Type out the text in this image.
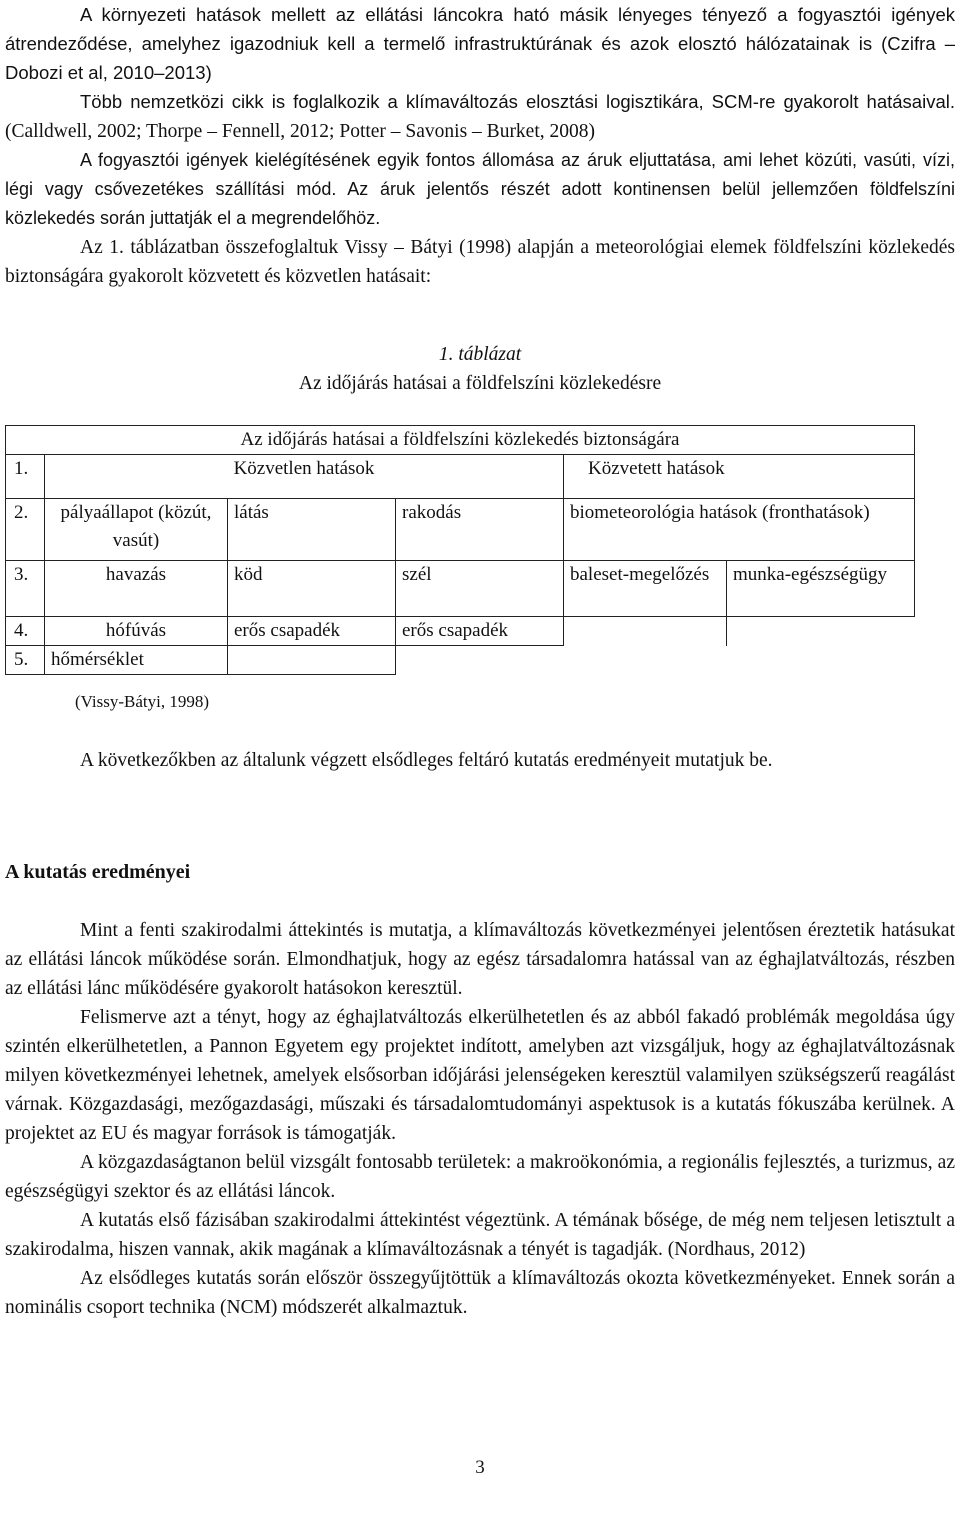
A környezeti hatások mellett az ellátási láncokra ható másik lényeges tényező a fogyasztói igények átrendeződése, amelyhez igazodniuk kell a termelő infrastruktúrának és azok elosztó hálózatainak is (Czifra – Dobozi et al, 2010–2013)

Több nemzetközi cikk is foglalkozik a klímaváltozás elosztási logisztikára, SCM-re gyakorolt hatásaival. (Calldwell, 2002; Thorpe – Fennell, 2012; Potter – Savonis – Burket, 2008)

A fogyasztói igények kielégítésének egyik fontos állomása az áruk eljuttatása, ami lehet közúti, vasúti, vízi, légi vagy csővezetékes szállítási mód. Az áruk jelentős részét adott kontinensen belül jellemzően földfelszíni közlekedés során juttatják el a megrendelőhöz.

Az 1. táblázatban összefoglaltuk Vissy – Bátyi (1998) alapján a meteorológiai elemek földfelszíni közlekedés biztonságára gyakorolt közvetett és közvetlen hatásait:

1. táblázat

Az időjárás hatásai a földfelszíni közlekedésre

Az időjárás hatásai a földfelszíni közlekedés biztonságára					
1.	Közvetlen hatások			Közvetett hatások	
2.	pályaállapot (közút, vasút)	látás	rakodás	biometeorológia hatások (fronthatások)	
3.	havazás	köd	szél	baleset-megelőzés	munka-egészségügy
4.	hófúvás	erős csapadék	erős csapadék		
5.	hőmérséklet				

(Vissy-Bátyi, 1998)

A következőkben az általunk végzett elsődleges feltáró kutatás eredményeit mutatjuk be.

A kutatás eredményei

Mint a fenti szakirodalmi áttekintés is mutatja, a klímaváltozás következményei jelentősen éreztetik hatásukat az ellátási láncok működése során. Elmondhatjuk, hogy az egész társadalomra hatással van az éghajlatváltozás, részben az ellátási lánc működésére gyakorolt hatásokon keresztül.

Felismerve azt a tényt, hogy az éghajlatváltozás elkerülhetetlen és az abból fakadó problémák megoldása úgy szintén elkerülhetetlen, a Pannon Egyetem egy projektet indított, amelyben azt vizsgáljuk, hogy az éghajlatváltozásnak milyen következményei lehetnek, amelyek elsősorban időjárási jelenségeken keresztül valamilyen szükségszerű reagálást várnak. Közgazdasági, mezőgazdasági, műszaki és társadalomtudományi aspektusok is a kutatás fókuszába kerülnek. A projektet az EU és magyar források is támogatják.

A közgazdaságtanon belül vizsgált fontosabb területek: a makroökonómia, a regionális fejlesztés, a turizmus, az egészségügyi szektor és az ellátási láncok.

A kutatás első fázisában szakirodalmi áttekintést végeztünk. A témának bősége, de még nem teljesen letisztult a szakirodalma, hiszen vannak, akik magának a klímaváltozásnak a tényét is tagadják. (Nordhaus, 2012)

Az elsődleges kutatás során először összegyűjtöttük a klímaváltozás okozta következményeket. Ennek során a nominális csoport technika (NCM) módszerét alkalmaztuk.

3
